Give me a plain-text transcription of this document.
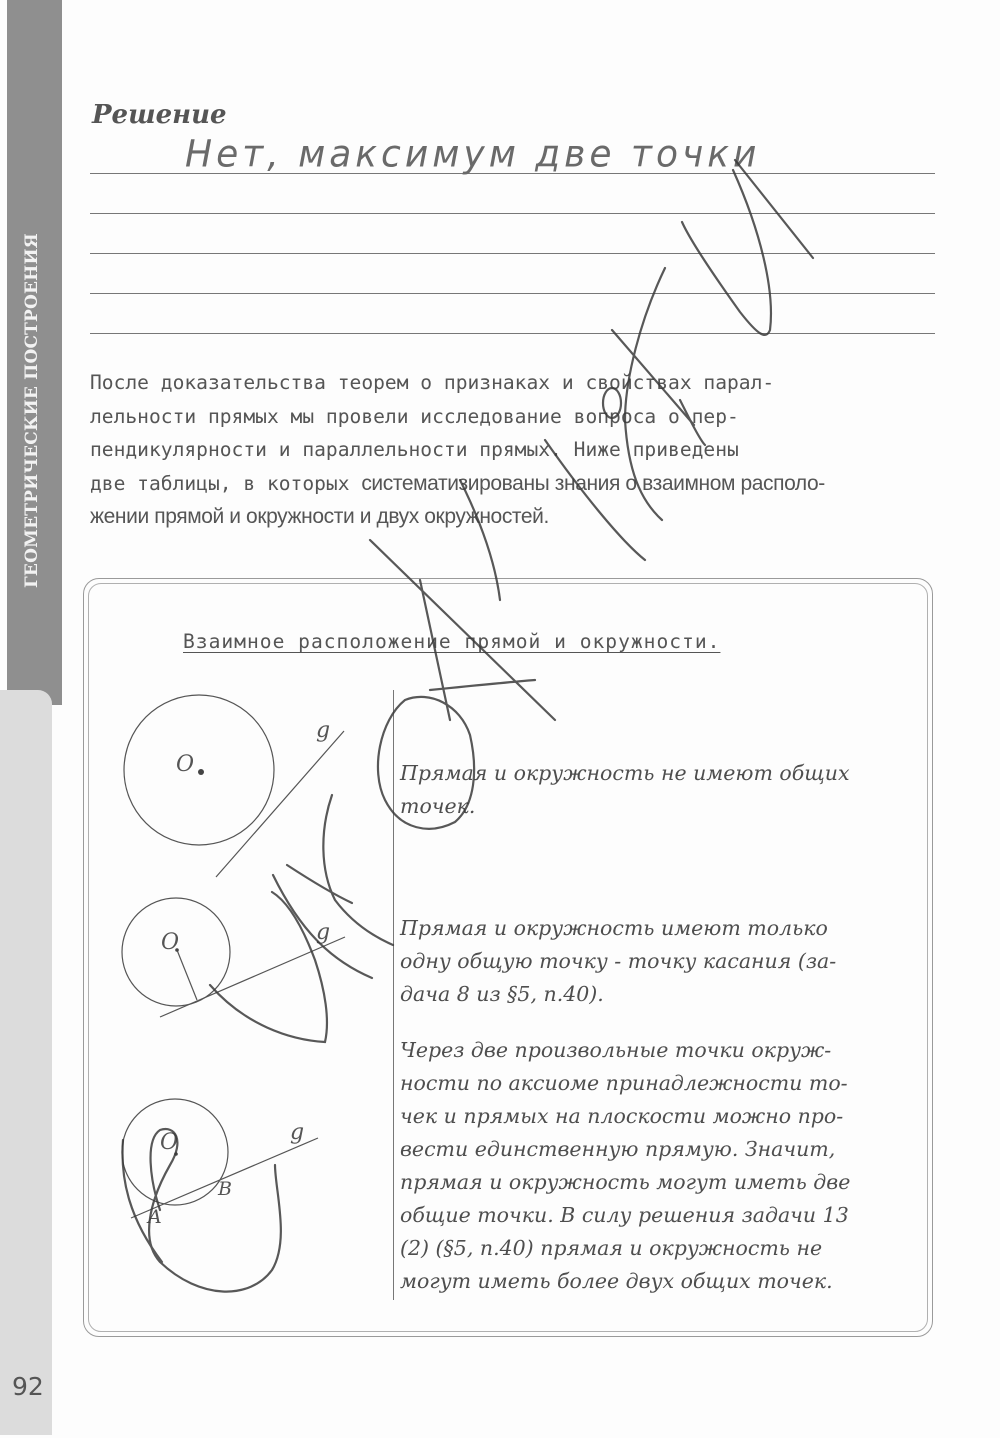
ГЕОМЕТРИЧЕСКИЕ ПОСТРОЕНИЯ
92
Решение
Нет, максимум две точки
После доказательства теорем о признаках и свойствах парал-
лельности прямых мы провели исследование вопроса о пер-
пендикулярности и параллельности прямых. Ниже приведены
две таблицы, в которых систематизированы знания о взаимном располо-
жении прямой и окружности и двух окружностей.
Взаимное расположение прямой и окружности.
O
g
O	g
O	g
A
B
Прямая и окружность не имеют общих
точек.
Прямая и окружность имеют только
одну общую точку - точку касания (за-
дача 8 из §5, п.40).
Через две произвольные точки окруж-
ности по аксиоме принадлежности то-
чек и прямых на плоскости можно про-
вести единственную прямую. Значит,
прямая и окружность могут иметь две
общие точки. В силу решения задачи 13
(2) (§5, п.40) прямая и окружность не
могут иметь более двух общих точек.
